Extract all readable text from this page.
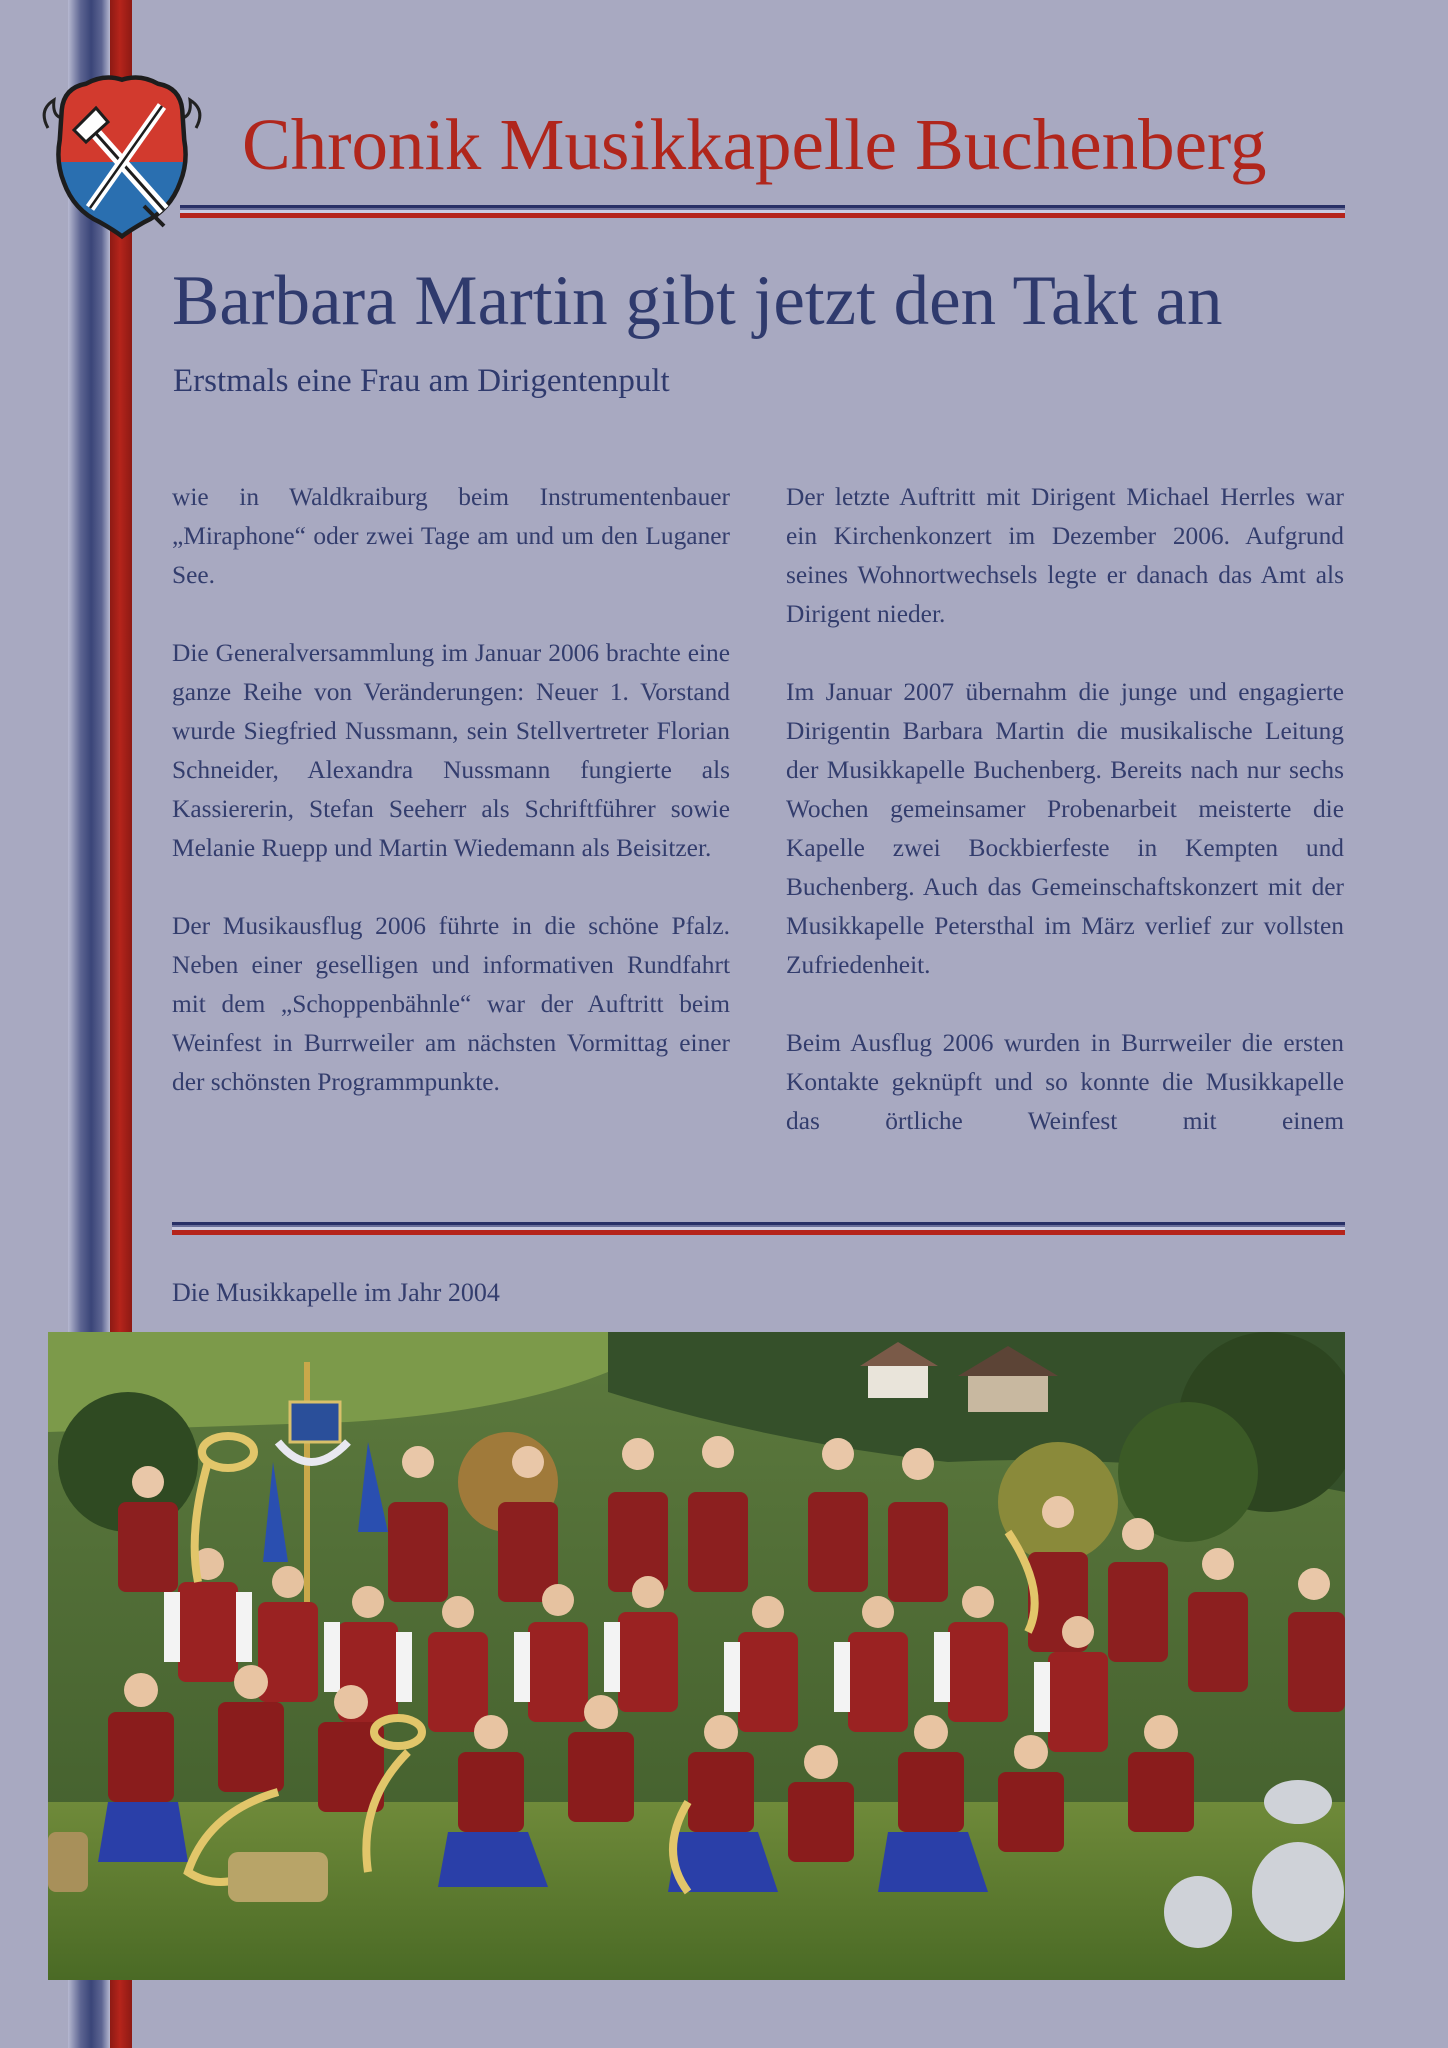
Chronik Musikkapelle Buchenberg
Barbara Martin gibt jetzt den Takt an
Erstmals eine Frau am Dirigentenpult

wie in Waldkraiburg beim Instrumentenbauer „Miraphone“ oder zwei Tage am und um den Luganer See.

Die Generalversammlung im Januar 2006 brachte eine ganze Reihe von Veränderungen: Neuer 1. Vorstand wurde Siegfried Nussmann, sein Stellvertreter Florian Schneider, Alexandra Nussmann fungierte als Kassiererin, Stefan Seeherr als Schriftführer sowie Melanie Ruepp und Martin Wiedemann als Beisitzer.

Der Musikausflug 2006 führte in die schöne Pfalz. Neben einer geselligen und informativen Rundfahrt mit dem „Schoppenbähnle“ war der Auftritt beim Weinfest in Burrweiler am nächsten Vormittag einer der schönsten Programmpunkte.

Der letzte Auftritt mit Dirigent Michael Herrles war ein Kirchenkonzert im Dezember 2006. Aufgrund seines Wohnortwechsels legte er danach das Amt als Dirigent nieder.

Im Januar 2007 übernahm die junge und engagierte Dirigentin Barbara Martin die musikalische Leitung der Musikkapelle Buchenberg. Bereits nach nur sechs Wochen gemeinsamer Probenarbeit meisterte die Kapelle zwei Bockbierfeste in Kempten und Buchenberg. Auch das Gemeinschaftskonzert mit der Musikkapelle Petersthal im März verlief zur vollsten Zufriedenheit.

Beim Ausflug 2006 wurden in Burrweiler die ersten Kontakte geknüpft und so konnte die Musikkapelle das örtliche Weinfest mit einem

Die Musikkapelle im Jahr 2004
